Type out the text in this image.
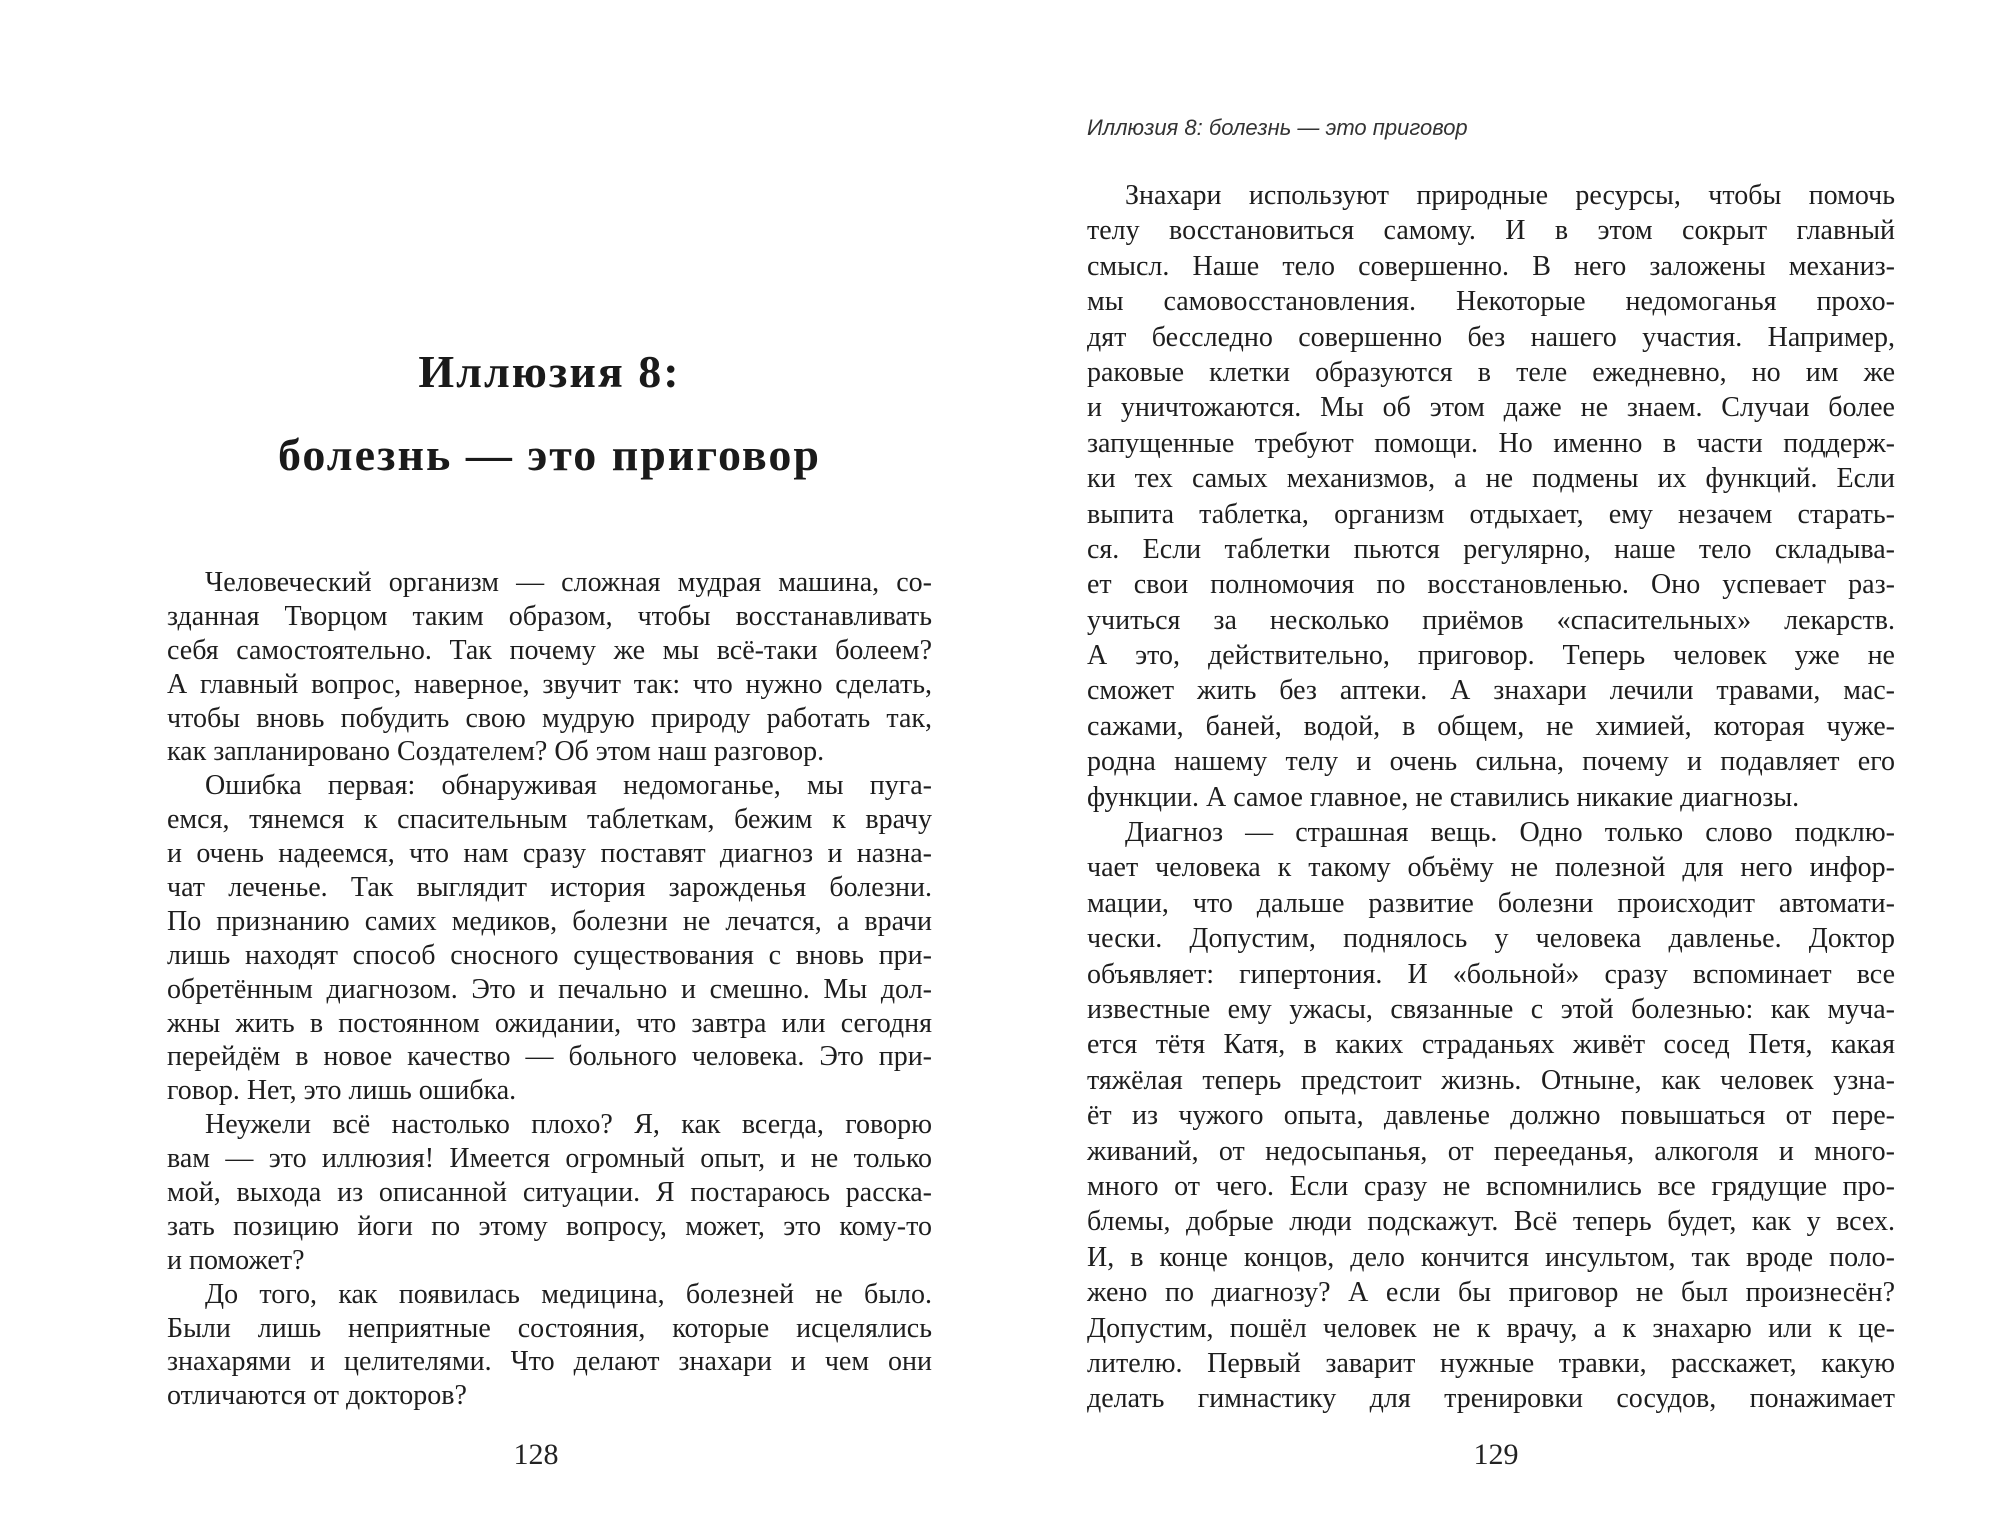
Иллюзия 8:
болезнь — это приговор
Человеческий организм — сложная мудрая машина, со-
зданная Творцом таким образом, чтобы восстанавливать
себя самостоятельно. Так почему же мы всё-таки болеем?
А главный вопрос, наверное, звучит так: что нужно сделать,
чтобы вновь побудить свою мудрую природу работать так,
как запланировано Создателем? Об этом наш разговор.
Ошибка первая: обнаруживая недомоганье, мы пуга-
емся, тянемся к спасительным таблеткам, бежим к врачу
и очень надеемся, что нам сразу поставят диагноз и назна-
чат леченье. Так выглядит история зарожденья болезни.
По признанию самих медиков, болезни не лечатся, а врачи
лишь находят способ сносного существования с вновь при-
обретённым диагнозом. Это и печально и смешно. Мы дол-
жны жить в постоянном ожидании, что завтра или сегодня
перейдём в новое качество — больного человека. Это при-
говор. Нет, это лишь ошибка.
Неужели всё настолько плохо? Я, как всегда, говорю
вам — это иллюзия! Имеется огромный опыт, и не только
мой, выхода из описанной ситуации. Я постараюсь расска-
зать позицию йоги по этому вопросу, может, это кому-то
и поможет?
До того, как появилась медицина, болезней не было.
Были лишь неприятные состояния, которые исцелялись
знахарями и целителями. Что делают знахари и чем они
отличаются от докторов?
128
Иллюзия 8: болезнь — это приговор
Знахари используют природные ресурсы, чтобы помочь
телу восстановиться самому. И в этом сокрыт главный
смысл. Наше тело совершенно. В него заложены механиз-
мы самовосстановления. Некоторые недомоганья прохо-
дят бесследно совершенно без нашего участия. Например,
раковые клетки образуются в теле ежедневно, но им же
и уничтожаются. Мы об этом даже не знаем. Случаи более
запущенные требуют помощи. Но именно в части поддерж-
ки тех самых механизмов, а не подмены их функций. Если
выпита таблетка, организм отдыхает, ему незачем старать-
ся. Если таблетки пьются регулярно, наше тело складыва-
ет свои полномочия по восстановленью. Оно успевает раз-
учиться за несколько приёмов «спасительных» лекарств.
А это, действительно, приговор. Теперь человек уже не
сможет жить без аптеки. А знахари лечили травами, мас-
сажами, баней, водой, в общем, не химией, которая чуже-
родна нашему телу и очень сильна, почему и подавляет его
функции. А самое главное, не ставились никакие диагнозы.
Диагноз — страшная вещь. Одно только слово подклю-
чает человека к такому объёму не полезной для него инфор-
мации, что дальше развитие болезни происходит автомати-
чески. Допустим, поднялось у человека давленье. Доктор
объявляет: гипертония. И «больной» сразу вспоминает все
известные ему ужасы, связанные с этой болезнью: как муча-
ется тётя Катя, в каких страданьях живёт сосед Петя, какая
тяжёлая теперь предстоит жизнь. Отныне, как человек узна-
ёт из чужого опыта, давленье должно повышаться от пере-
живаний, от недосыпанья, от перееданья, алкоголя и много-
много от чего. Если сразу не вспомнились все грядущие про-
блемы, добрые люди подскажут. Всё теперь будет, как у всех.
И, в конце концов, дело кончится инсультом, так вроде поло-
жено по диагнозу? А если бы приговор не был произнесён?
Допустим, пошёл человек не к врачу, а к знахарю или к це-
лителю. Первый заварит нужные травки, расскажет, какую
делать гимнастику для тренировки сосудов, понажимает
129
